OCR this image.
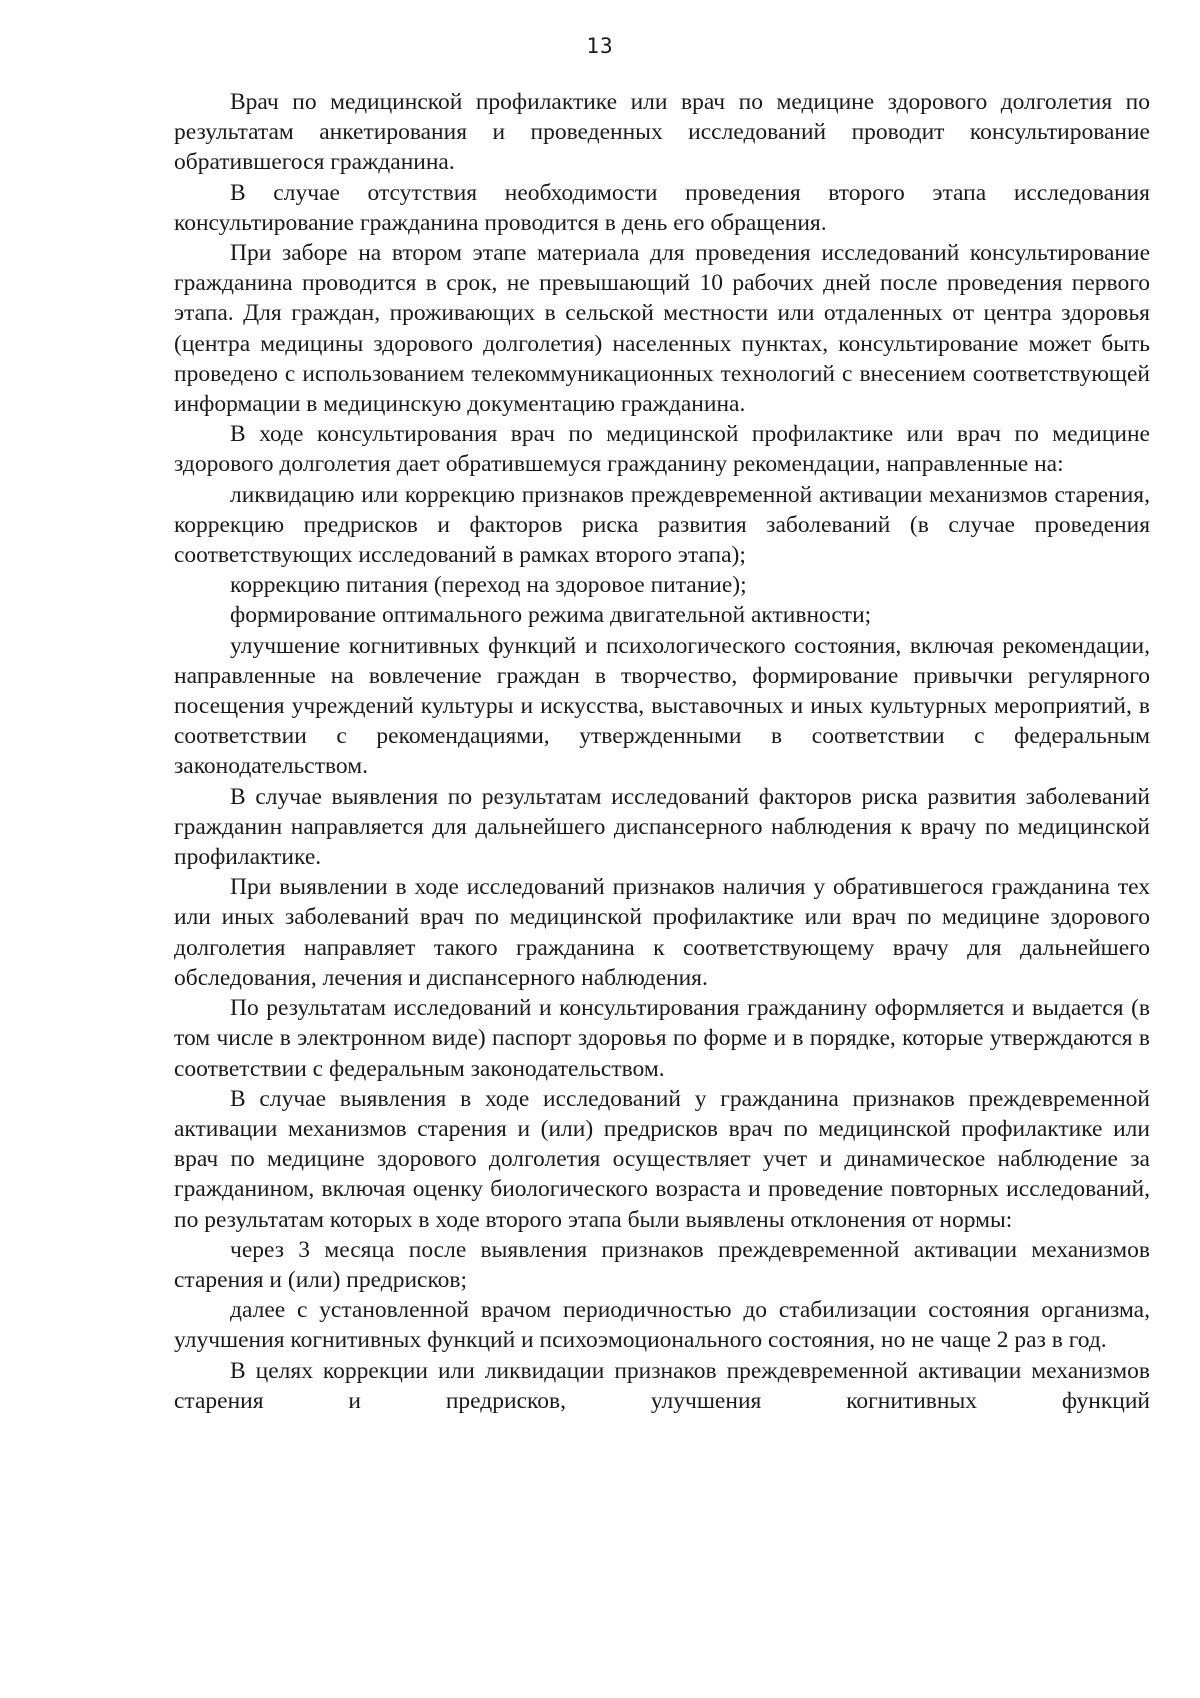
13

Врач по медицинской профилактике или врач по медицине здорового долголетия по результатам анкетирования и проведенных исследований проводит консультирование обратившегося гражданина.

В случае отсутствия необходимости проведения второго этапа исследования консультирование гражданина проводится в день его обращения.

При заборе на втором этапе материала для проведения исследований консультирование гражданина проводится в срок, не превышающий 10 рабочих дней после проведения первого этапа. Для граждан, проживающих в сельской местности или отдаленных от центра здоровья (центра медицины здорового долголетия) населенных пунктах, консультирование может быть проведено с использованием телекоммуникационных технологий с внесением соответствующей информации в медицинскую документацию гражданина.

В ходе консультирования врач по медицинской профилактике или врач по медицине здорового долголетия дает обратившемуся гражданину рекомендации, направленные на:

ликвидацию или коррекцию признаков преждевременной активации механизмов старения, коррекцию предрисков и факторов риска развития заболеваний (в случае проведения соответствующих исследований в рамках второго этапа);

коррекцию питания (переход на здоровое питание);

формирование оптимального режима двигательной активности;

улучшение когнитивных функций и психологического состояния, включая рекомендации, направленные на вовлечение граждан в творчество, формирование привычки регулярного посещения учреждений культуры и искусства, выставочных и иных культурных мероприятий, в соответствии с рекомендациями, утвержденными в соответствии с федеральным законодательством.

В случае выявления по результатам исследований факторов риска развития заболеваний гражданин направляется для дальнейшего диспансерного наблюдения к врачу по медицинской профилактике.

При выявлении в ходе исследований признаков наличия у обратившегося гражданина тех или иных заболеваний врач по медицинской профилактике или врач по медицине здорового долголетия направляет такого гражданина к соответствующему врачу для дальнейшего обследования, лечения и диспансерного наблюдения.

По результатам исследований и консультирования гражданину оформляется и выдается (в том числе в электронном виде) паспорт здоровья по форме и в порядке, которые утверждаются в соответствии с федеральным законодательством.

В случае выявления в ходе исследований у гражданина признаков преждевременной активации механизмов старения и (или) предрисков врач по медицинской профилактике или врач по медицине здорового долголетия осуществляет учет и динамическое наблюдение за гражданином, включая оценку биологического возраста и проведение повторных исследований, по результатам которых в ходе второго этапа были выявлены отклонения от нормы:

через 3 месяца после выявления признаков преждевременной активации механизмов старения и (или) предрисков;

далее с установленной врачом периодичностью до стабилизации состояния организма, улучшения когнитивных функций и психоэмоционального состояния, но не чаще 2 раз в год.

В целях коррекции или ликвидации признаков преждевременной активации механизмов старения и предрисков, улучшения когнитивных функций
